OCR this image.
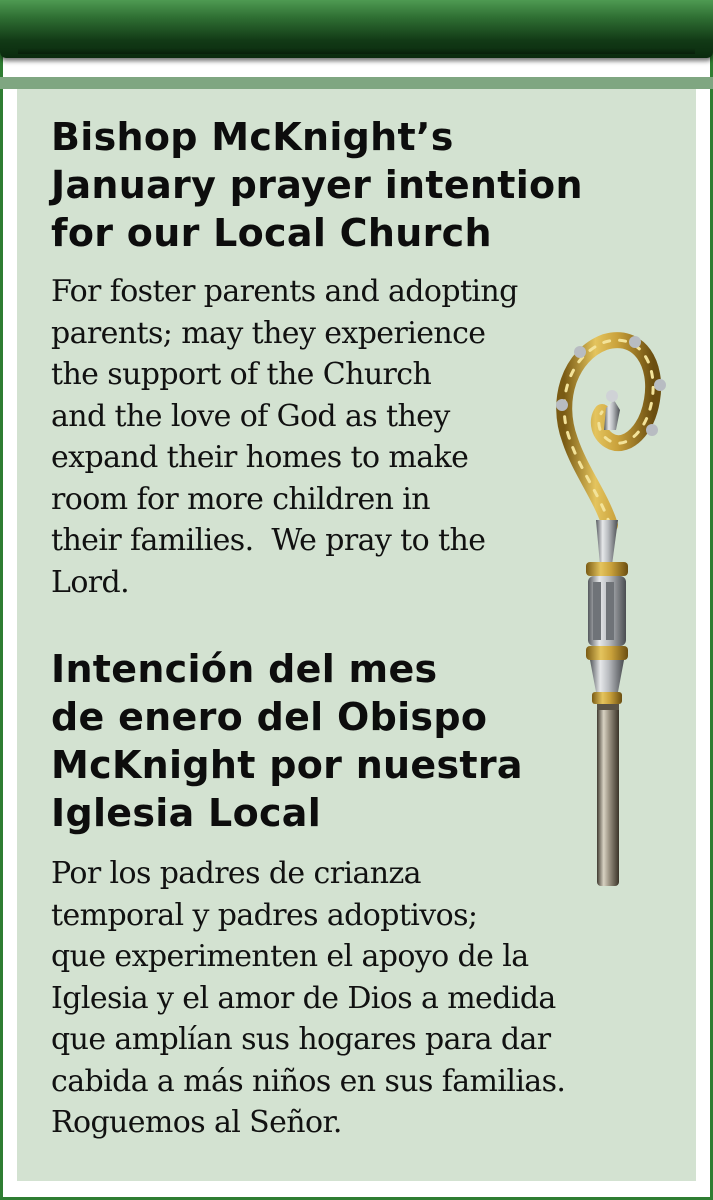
Bishop McKnight’s
January prayer intention
for our Local Church

For foster parents and adopting
parents; may they experience
the support of the Church
and the love of God as they
expand their homes to make
room for more children in
their families.  We pray to the
Lord.

Intención del mes
de enero del Obispo
McKnight por nuestra
Iglesia Local

Por los padres de crianza
temporal y padres adoptivos;
que experimenten el apoyo de la
Iglesia y el amor de Dios a medida
que amplían sus hogares para dar
cabida a más niños en sus familias.
Roguemos al Señor.
